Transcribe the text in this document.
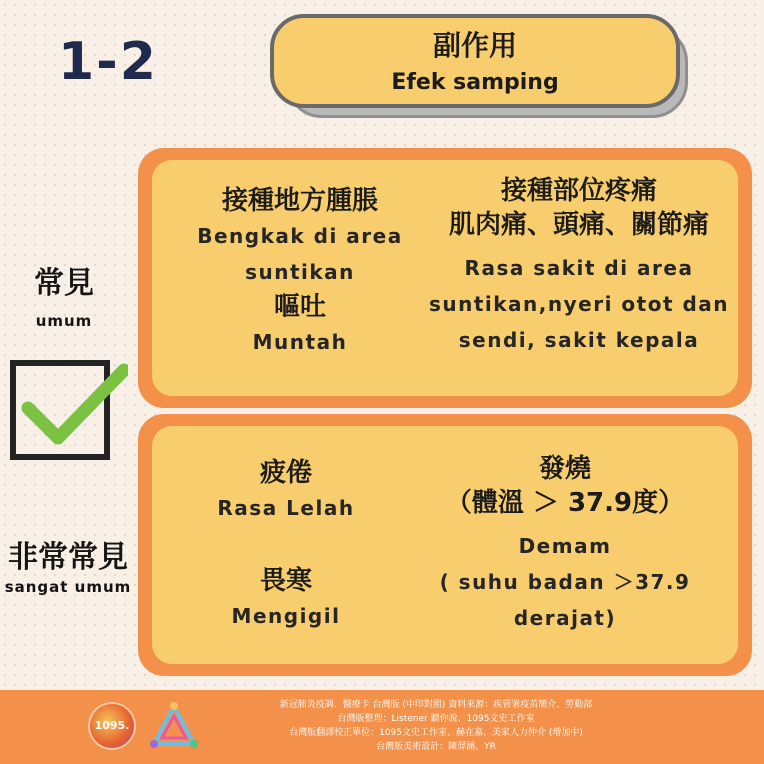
1-2	副作用
Efek samping
常見
umum
非常常見
sangat umum
接種地方腫脹
Bengkak di area
suntikan
嘔吐
Muntah
接種部位疼痛
肌肉痛、頭痛、關節痛
Rasa sakit di area
suntikan,nyeri otot dan
sendi, sakit kepala
疲倦
Rasa Lelah
畏寒
Mengigil
發燒
（體溫 ＞ 37.9度）
Demam
( suhu badan ＞37.9
derajat)
1095.
新冠肺炎疫調、醫療卡 台灣版 (中印對照) 資料來源：疾管署疫苗簡介、勞動部
台灣版整理：Listener 聽你說、1095文史工作室
台灣版翻譯校正單位：1095文史工作室、赫在嘉、美家人力仲介 (增加中)
台灣版美術設計：陳羿涵、YR
